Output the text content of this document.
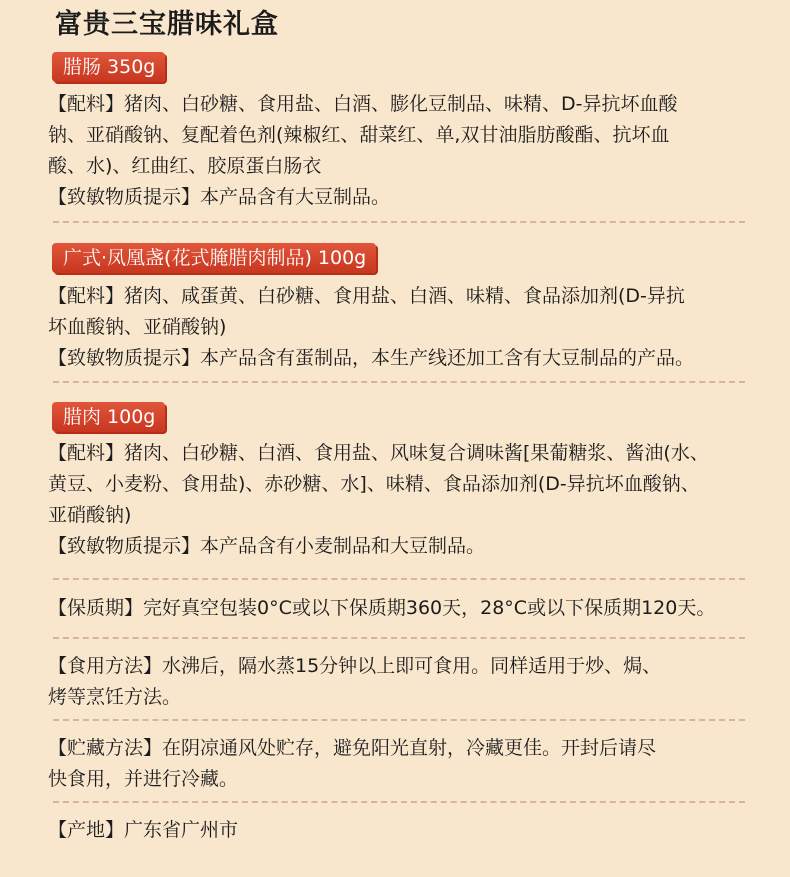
富贵三宝腊味礼盒
腊肠 350g
【配料】猪肉、白砂糖、食用盐、白酒、膨化豆制品、味精、D-异抗坏血酸
钠、亚硝酸钠、复配着色剂(辣椒红、甜菜红、单,双甘油脂肪酸酯、抗坏血
酸、水)、红曲红、胶原蛋白肠衣
【致敏物质提示】本产品含有大豆制品。
广式·凤凰盏(花式腌腊肉制品) 100g
【配料】猪肉、咸蛋黄、白砂糖、食用盐、白酒、味精、食品添加剂(D-异抗
坏血酸钠、亚硝酸钠)
【致敏物质提示】本产品含有蛋制品，本生产线还加工含有大豆制品的产品。
腊肉 100g
【配料】猪肉、白砂糖、白酒、食用盐、风味复合调味酱[果葡糖浆、酱油(水、
黄豆、小麦粉、食用盐)、赤砂糖、水]、味精、食品添加剂(D-异抗坏血酸钠、
亚硝酸钠)
【致敏物质提示】本产品含有小麦制品和大豆制品。
【保质期】完好真空包装0°C或以下保质期360天，28°C或以下保质期120天。
【食用方法】水沸后，隔水蒸15分钟以上即可食用。同样适用于炒、焗、
烤等烹饪方法。
【贮藏方法】在阴凉通风处贮存，避免阳光直射，冷藏更佳。开封后请尽
快食用，并进行冷藏。
【产地】广东省广州市
